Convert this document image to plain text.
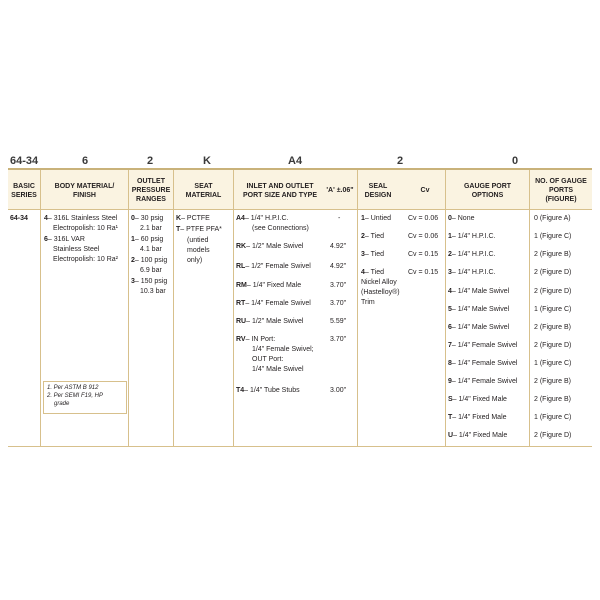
64-34	6	2	K	A4	2	0
BASIC
SERIES
BODY MATERIAL/
FINISH
OUTLET
PRESSURE
RANGES
SEAT
MATERIAL
INLET AND OUTLET
PORT SIZE AND TYPE
'A' ±.06"
SEAL
DESIGN
Cv
GAUGE PORT
OPTIONS
NO. OF GAUGE
PORTS
(FIGURE)
64-34 4– 316L Stainless Steel
Electropolish: 10 Ra¹
6– 316L VAR
Stainless Steel
Electropolish: 10 Ra²
0– 30 psig
2.1 bar
1– 60 psig
4.1 bar
2– 100 psig
6.9 bar
3– 150 psig
10.3 bar
K– PCTFE
T– PTFE PFA*
(untied
models
only)
A4– 1/4" H.P.I.C.
(see Connections)
-
RK– 1/2" Male Swivel	4.92"
RL– 1/2" Female Swivel	4.92"
RM– 1/4" Fixed Male	3.70"
RT– 1/4" Female Swivel	3.70"
RU– 1/2" Male Swivel	5.59"
RV– IN Port:
1/4" Female Swivel;
OUT Port:
1/4" Male Swivel
3.70"
T4– 1/4" Tube Stubs	3.00"
1– Untied Cv = 0.06
2– Tied	Cv = 0.06
3– Tied	Cv = 0.15
4– Tied	Cv = 0.15
Nickel Alloy
(Hastelloy®)
Trim
0– None	0 (Figure A)
1– 1/4" H.P.I.C.	1 (Figure C)
2– 1/4" H.P.I.C.	2 (Figure B)
3– 1/4" H.P.I.C.	2 (Figure D)
4– 1/4" Male Swivel	2 (Figure D)
5– 1/4" Male Swivel	1 (Figure C)
6– 1/4" Male Swivel	2 (Figure B)
7– 1/4" Female Swivel 2 (Figure D)
8– 1/4" Female Swivel 1 (Figure C)
9– 1/4" Female Swivel 2 (Figure B)
S– 1/4" Fixed Male	2 (Figure B)
T– 1/4" Fixed Male	1 (Figure C)
U– 1/4" Fixed Male	2 (Figure D)
1. Per ASTM B 912
2. Per SEMI F19, HP
grade
